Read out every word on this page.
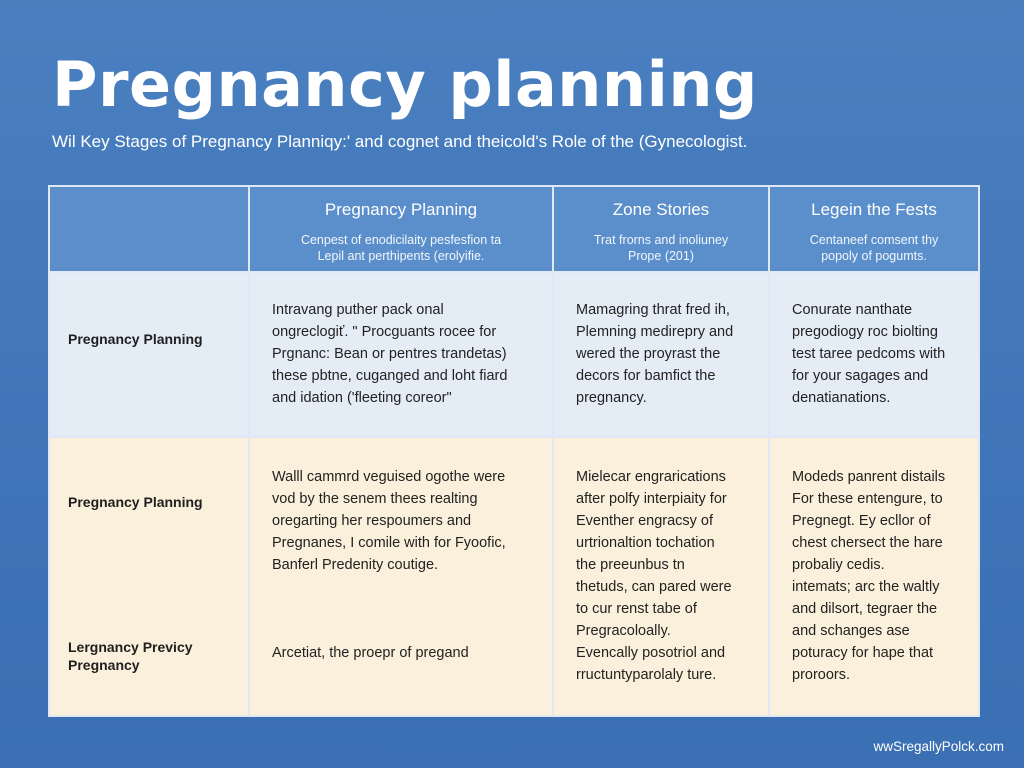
Pregnancy planning

Wil Key Stages of Pregnancy Planniqy:' and cognet and theicold's Role of the (Gynecologist.

Pregnancy Planning

Cenpest of enodicilaity pesfesfion ta
Lepil ant perthipents (erolyifie.

Zone Stories

Trat frorns and inoliuney
Prope (201)

Legein the Fests

Centaneef comsent thy
popoly of pogumts.

Pregnancy Planning

Intravang puther pack onal

ongreclogiť. " Procguants rocee for

Prgnanc: Bean or pentres trandetas)

these pbtne, cuganged and loht fiard

and idation ('fleeting coreor"

Mamagring thrat fred ih,

Plemning medirepry and

wered the proyrast the

decors for bamfict the

pregnancy.

Conurate nanthate

pregodiogy roc biolting

test taree pedcoms with

for your sagages and

denatianations.

Pregnancy Planning

Lergnancy Previcy
Pregnancy

Walll cammrd veguised ogothe were

vod by the senem thees realting

oregarting her respoumers and

Pregnanes, I comile with for Fyoofic,

Banferl Predenity coutige.

Arcetiat, the proepr of pregand

Mielecar engrarications

after polfy interpiaity for

Eventher engracsy of

urtrionaltion tochation

the preeunbus tn

thetuds, can pared were

to cur renst tabe of

Pregracoloally.

Evencally posotriol and

rructuntyparolaly ture.

Modeds panrent distails

For these entengure, to

Pregnegt. Ey ecllor of

chest chersect the hare

probaliy cedis.

intemats; arc the waltly

and dilsort, tegraer the

and schanges ase

poturacy for hape that

proroors.

wwSregallyPolck.com
